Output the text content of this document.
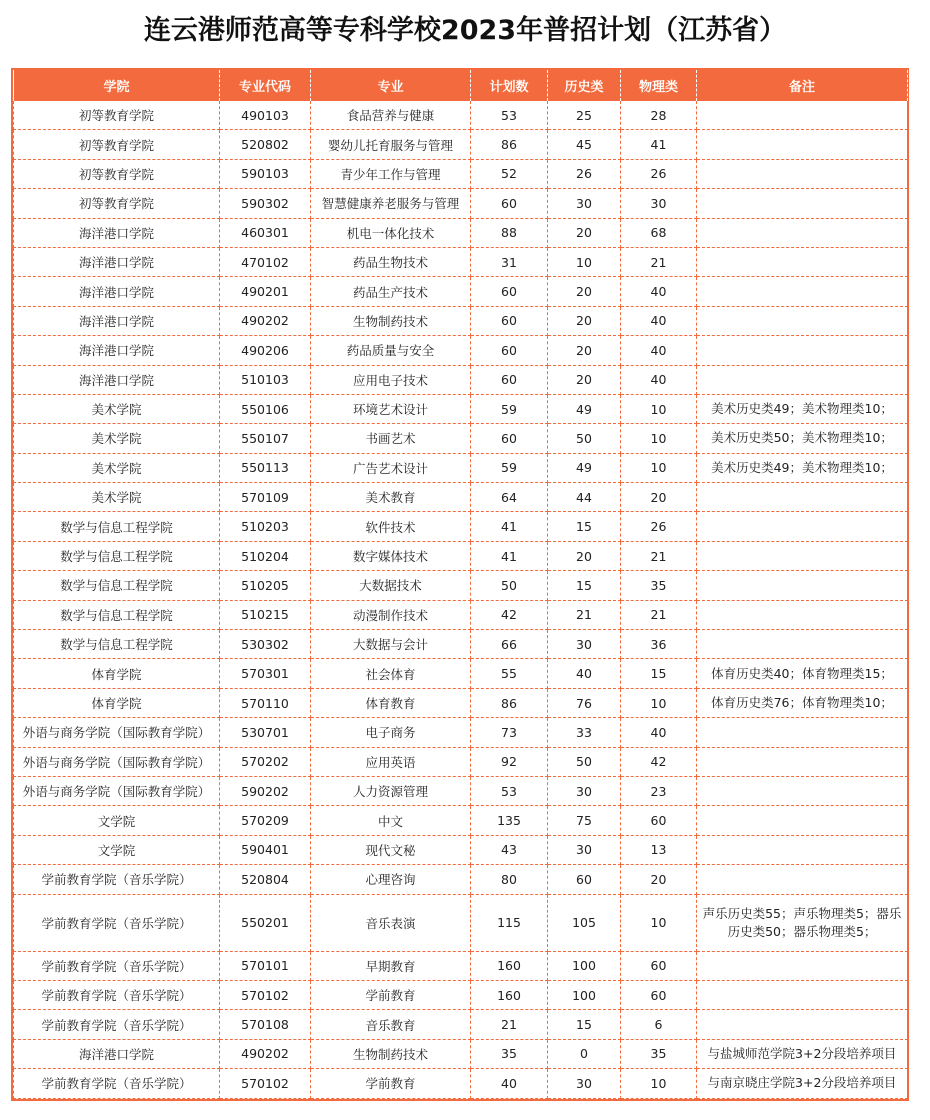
连云港师范高等专科学校2023年普招计划（江苏省）
学院	专业代码	专业	计划数	历史类	物理类	备注
初等教育学院	490103	食品营养与健康	53	25	28	
初等教育学院	520802	婴幼儿托育服务与管理	86	45	41	
初等教育学院	590103	青少年工作与管理	52	26	26	
初等教育学院	590302	智慧健康养老服务与管理	60	30	30	
海洋港口学院	460301	机电一体化技术	88	20	68	
海洋港口学院	470102	药品生物技术	31	10	21	
海洋港口学院	490201	药品生产技术	60	20	40	
海洋港口学院	490202	生物制药技术	60	20	40	
海洋港口学院	490206	药品质量与安全	60	20	40	
海洋港口学院	510103	应用电子技术	60	20	40	
美术学院	550106	环境艺术设计	59	49	10	美术历史类49；美术物理类10；
美术学院	550107	书画艺术	60	50	10	美术历史类50；美术物理类10；
美术学院	550113	广告艺术设计	59	49	10	美术历史类49；美术物理类10；
美术学院	570109	美术教育	64	44	20	
数学与信息工程学院	510203	软件技术	41	15	26	
数学与信息工程学院	510204	数字媒体技术	41	20	21	
数学与信息工程学院	510205	大数据技术	50	15	35	
数学与信息工程学院	510215	动漫制作技术	42	21	21	
数学与信息工程学院	530302	大数据与会计	66	30	36	
体育学院	570301	社会体育	55	40	15	体育历史类40；体育物理类15；
体育学院	570110	体育教育	86	76	10	体育历史类76；体育物理类10；
外语与商务学院（国际教育学院）	530701	电子商务	73	33	40	
外语与商务学院（国际教育学院）	570202	应用英语	92	50	42	
外语与商务学院（国际教育学院）	590202	人力资源管理	53	30	23	
文学院	570209	中文	135	75	60	
文学院	590401	现代文秘	43	30	13	
学前教育学院（音乐学院）	520804	心理咨询	80	60	20	
学前教育学院（音乐学院）	550201	音乐表演	115	105	10	声乐历史类55；声乐物理类5；器乐历史类50；器乐物理类5；
学前教育学院（音乐学院）	570101	早期教育	160	100	60	
学前教育学院（音乐学院）	570102	学前教育	160	100	60	
学前教育学院（音乐学院）	570108	音乐教育	21	15	6	
海洋港口学院	490202	生物制药技术	35	0	35	与盐城师范学院3+2分段培养项目
学前教育学院（音乐学院）	570102	学前教育	40	30	10	与南京晓庄学院3+2分段培养项目
